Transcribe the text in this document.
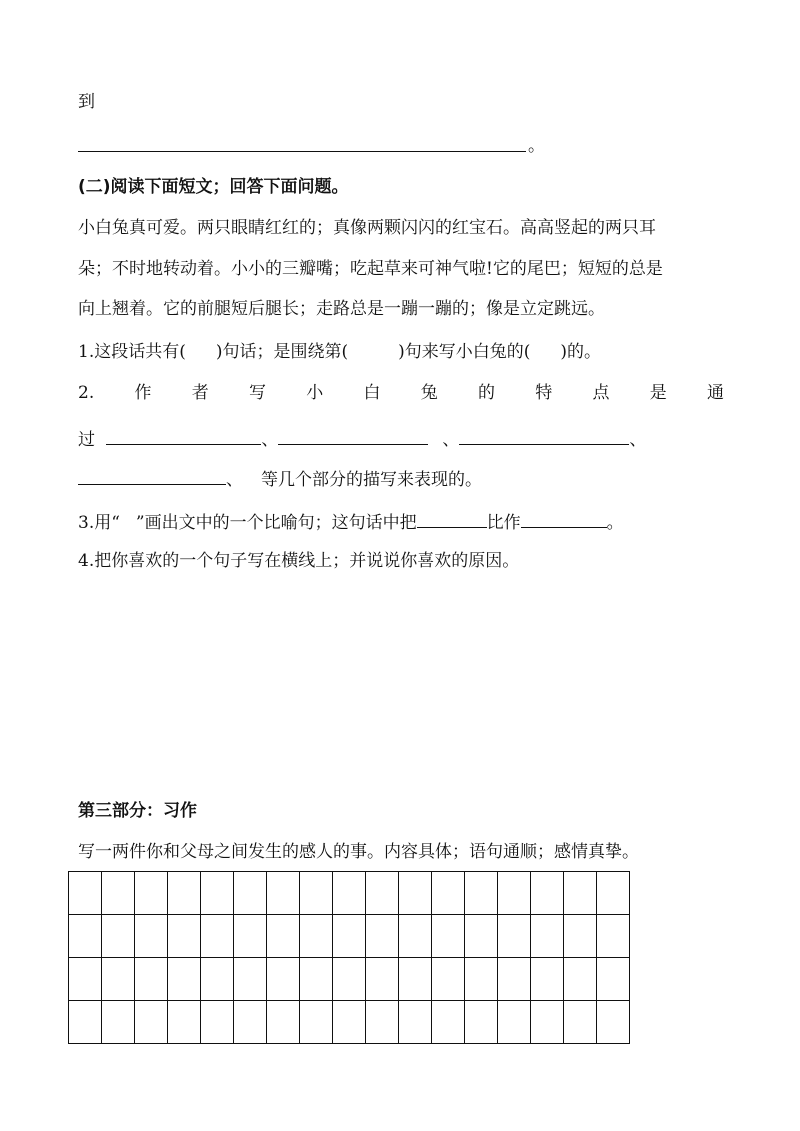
到
。
(二)阅读下面短文；回答下面问题。
小白兔真可爱。两只眼睛红红的；真像两颗闪闪的红宝石。高高竖起的两只耳
朵；不时地转动着。小小的三瓣嘴；吃起草来可神气啦!它的尾巴；短短的总是
向上翘着。它的前腿短后腿长；走路总是一蹦一蹦的；像是立定跳远。
1.这段话共有( )句话；是围绕第(	)句来写小白兔的( )的。
2. 作 者 写 小 白 兔 的 特 点 是 通
过	、	、	、
、 等几个部分的描写来表现的。
3.用“ ”画出文中的一个比喻句；这句话中把	比作	。
4.把你喜欢的一个句子写在横线上；并说说你喜欢的原因。
第三部分：习作
写一两件你和父母之间发生的感人的事。内容具体；语句通顺；感情真挚。
